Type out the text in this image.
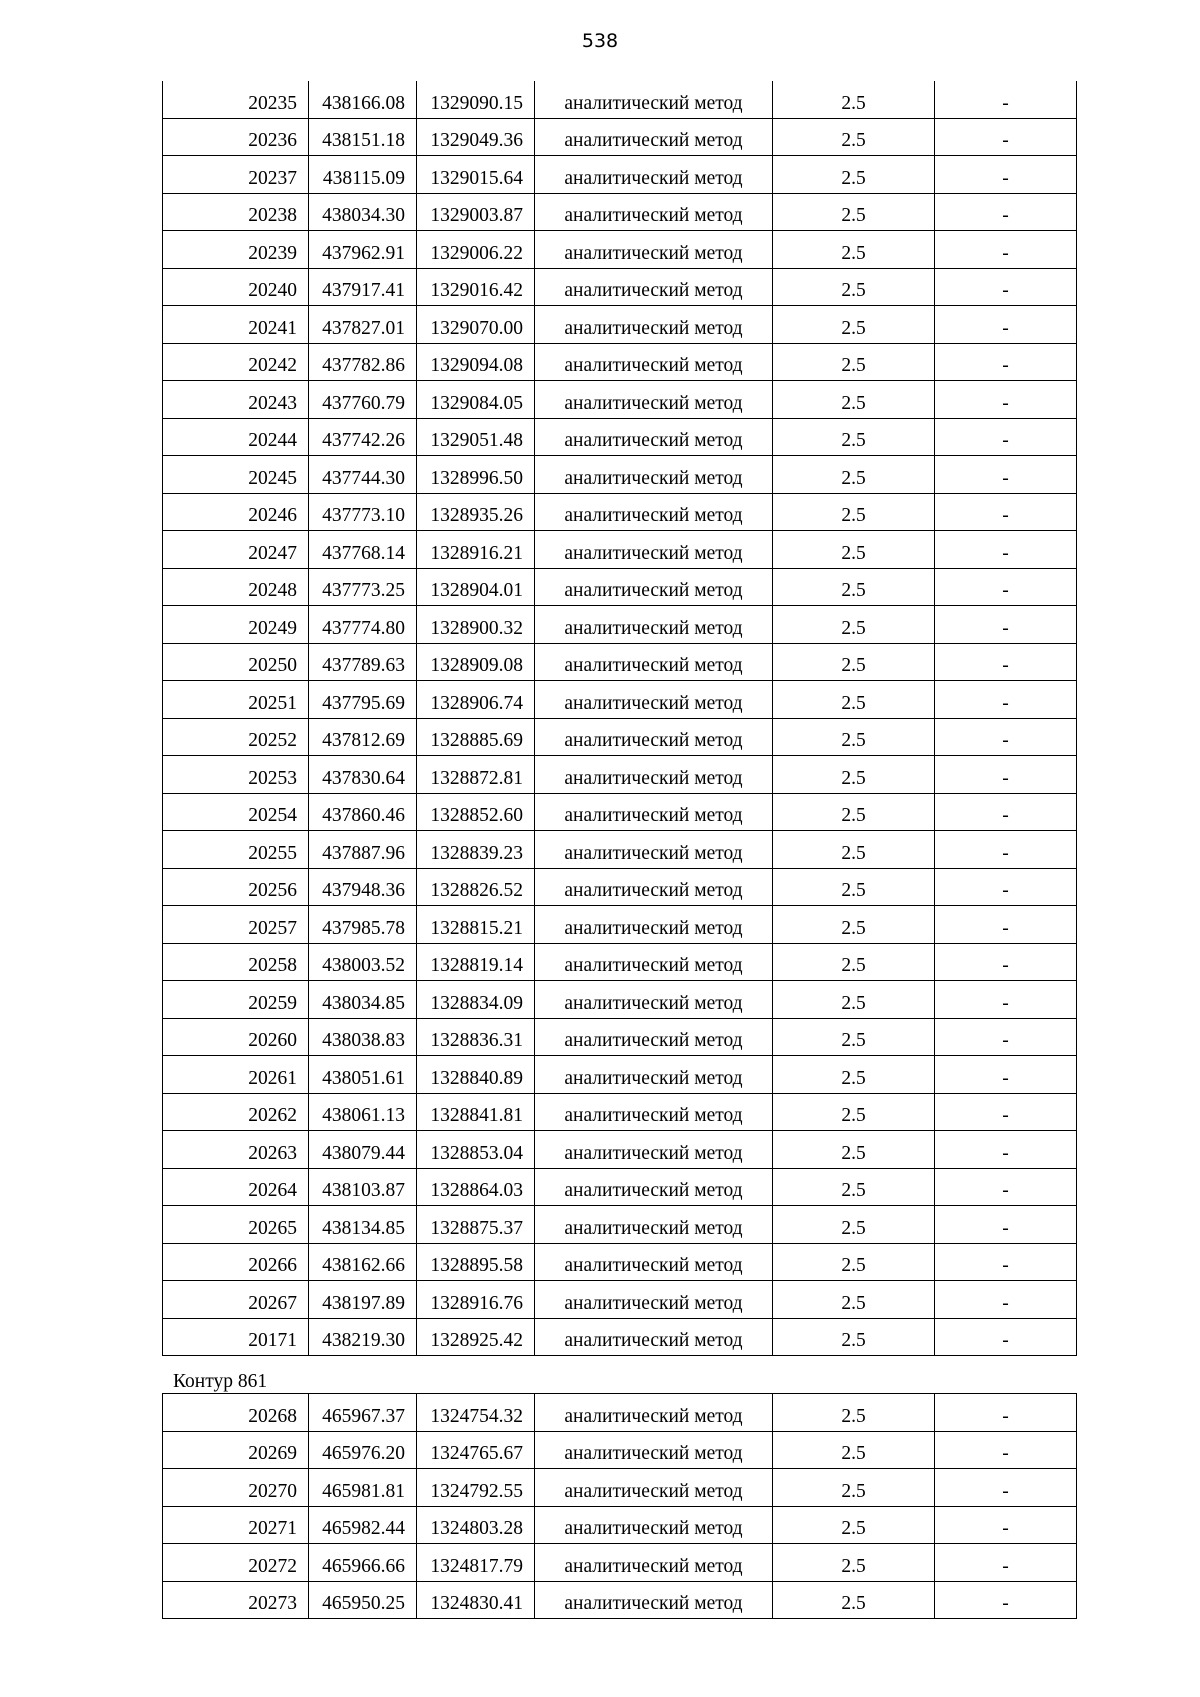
538
20235	438166.08	1329090.15	аналитический метод	2.5	-
20236	438151.18	1329049.36	аналитический метод	2.5	-
20237	438115.09	1329015.64	аналитический метод	2.5	-
20238	438034.30	1329003.87	аналитический метод	2.5	-
20239	437962.91	1329006.22	аналитический метод	2.5	-
20240	437917.41	1329016.42	аналитический метод	2.5	-
20241	437827.01	1329070.00	аналитический метод	2.5	-
20242	437782.86	1329094.08	аналитический метод	2.5	-
20243	437760.79	1329084.05	аналитический метод	2.5	-
20244	437742.26	1329051.48	аналитический метод	2.5	-
20245	437744.30	1328996.50	аналитический метод	2.5	-
20246	437773.10	1328935.26	аналитический метод	2.5	-
20247	437768.14	1328916.21	аналитический метод	2.5	-
20248	437773.25	1328904.01	аналитический метод	2.5	-
20249	437774.80	1328900.32	аналитический метод	2.5	-
20250	437789.63	1328909.08	аналитический метод	2.5	-
20251	437795.69	1328906.74	аналитический метод	2.5	-
20252	437812.69	1328885.69	аналитический метод	2.5	-
20253	437830.64	1328872.81	аналитический метод	2.5	-
20254	437860.46	1328852.60	аналитический метод	2.5	-
20255	437887.96	1328839.23	аналитический метод	2.5	-
20256	437948.36	1328826.52	аналитический метод	2.5	-
20257	437985.78	1328815.21	аналитический метод	2.5	-
20258	438003.52	1328819.14	аналитический метод	2.5	-
20259	438034.85	1328834.09	аналитический метод	2.5	-
20260	438038.83	1328836.31	аналитический метод	2.5	-
20261	438051.61	1328840.89	аналитический метод	2.5	-
20262	438061.13	1328841.81	аналитический метод	2.5	-
20263	438079.44	1328853.04	аналитический метод	2.5	-
20264	438103.87	1328864.03	аналитический метод	2.5	-
20265	438134.85	1328875.37	аналитический метод	2.5	-
20266	438162.66	1328895.58	аналитический метод	2.5	-
20267	438197.89	1328916.76	аналитический метод	2.5	-
20171	438219.30	1328925.42	аналитический метод	2.5	-
Контур 861
20268	465967.37	1324754.32	аналитический метод	2.5	-
20269	465976.20	1324765.67	аналитический метод	2.5	-
20270	465981.81	1324792.55	аналитический метод	2.5	-
20271	465982.44	1324803.28	аналитический метод	2.5	-
20272	465966.66	1324817.79	аналитический метод	2.5	-
20273	465950.25	1324830.41	аналитический метод	2.5	-
